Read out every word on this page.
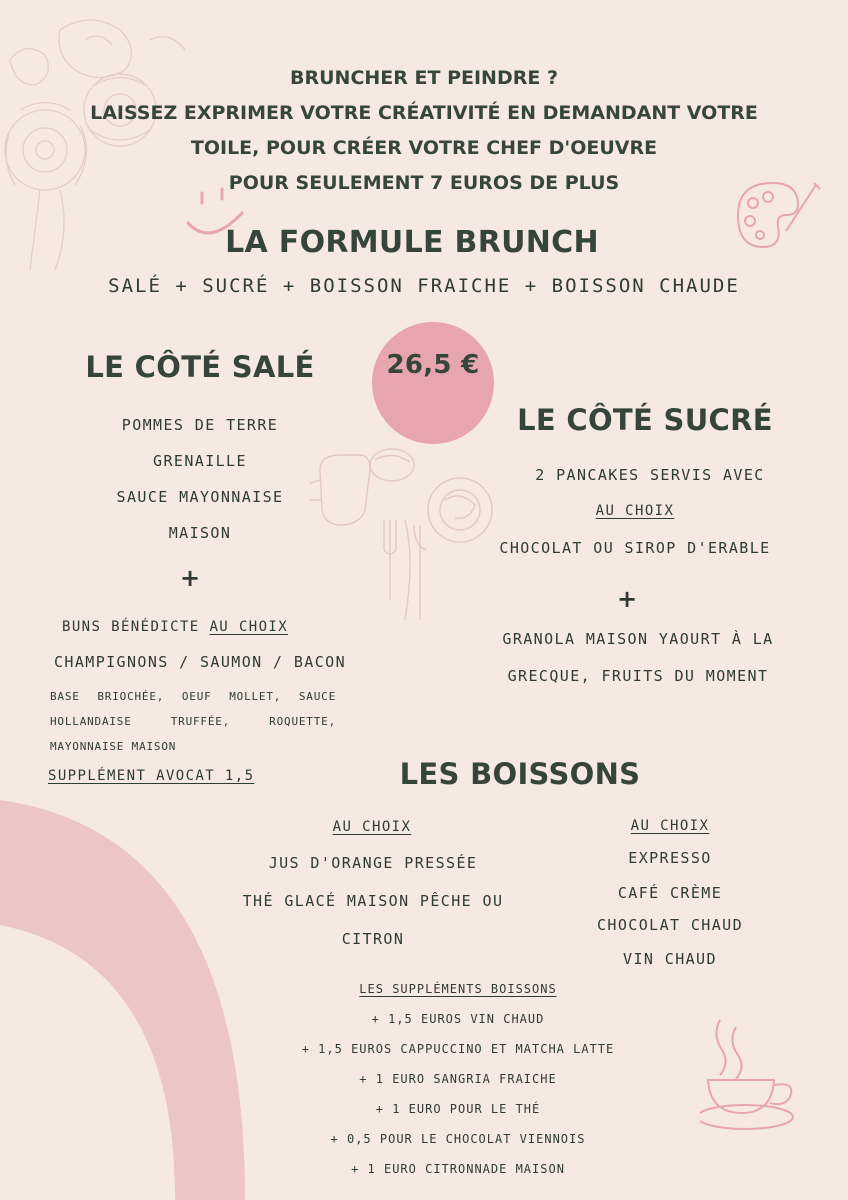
BRUNCHER ET PEINDRE ?
LAISSEZ EXPRIMER VOTRE CRÉATIVITÉ EN DEMANDANT VOTRE
TOILE, POUR CRÉER VOTRE CHEF D'OEUVRE
POUR SEULEMENT 7 EUROS DE PLUS
LA FORMULE BRUNCH
SALÉ + SUCRÉ + BOISSON FRAICHE + BOISSON CHAUDE
26,5 €
LE CÔTÉ SALÉ
POMMES DE TERRE
GRENAILLE
SAUCE MAYONNAISE
MAISON
+
BUNS BÉNÉDICTE AU CHOIX
CHAMPIGNONS / SAUMON / BACON
BASE BRIOCHÉE, OEUF MOLLET, SAUCE
HOLLANDAISE TRUFFÉE, ROQUETTE,
MAYONNAISE MAISON
SUPPLÉMENT AVOCAT 1,5
LE CÔTÉ SUCRÉ
2 PANCAKES SERVIS AVEC
AU CHOIX
CHOCOLAT OU SIROP D'ERABLE
+
GRANOLA MAISON YAOURT À LA
GRECQUE, FRUITS DU MOMENT
LES BOISSONS
AU CHOIX
JUS D'ORANGE PRESSÉE
THÉ GLACÉ MAISON PÊCHE OU
CITRON
AU CHOIX
EXPRESSO
CAFÉ CRÈME
CHOCOLAT CHAUD
VIN CHAUD
LES SUPPLÉMENTS BOISSONS
+ 1,5 EUROS VIN CHAUD
+ 1,5 EUROS CAPPUCCINO ET MATCHA LATTE
+ 1 EURO SANGRIA FRAICHE
+ 1 EURO POUR LE THÉ
+ 0,5 POUR LE CHOCOLAT VIENNOIS
+ 1 EURO CITRONNADE MAISON
